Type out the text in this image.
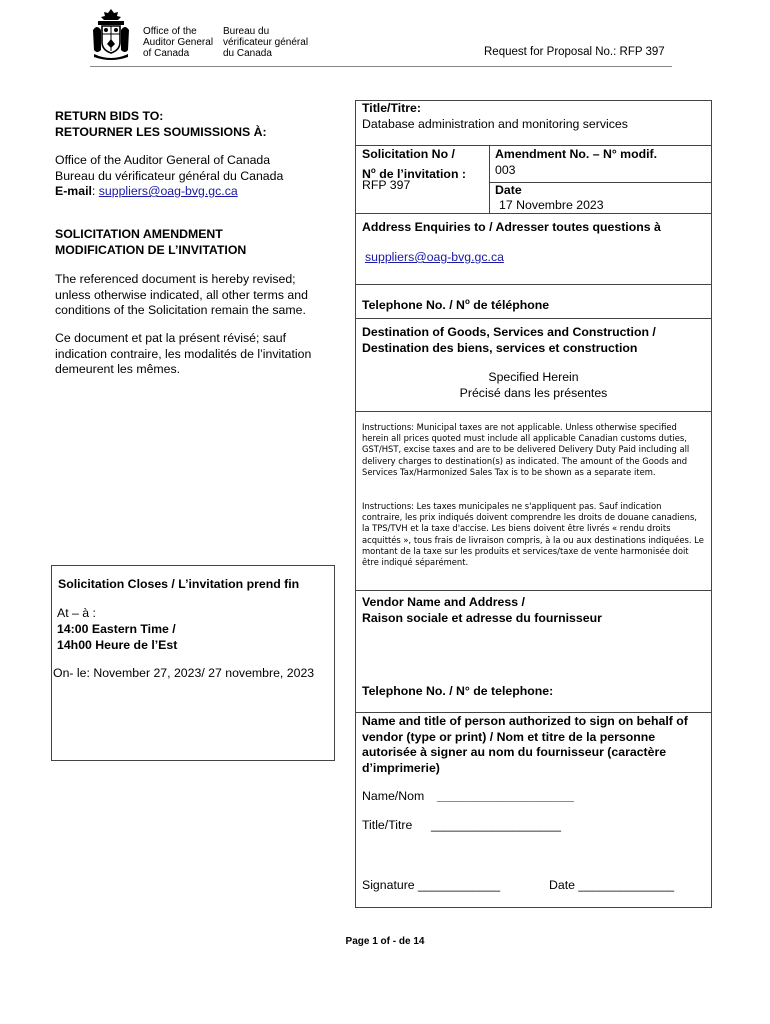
Office of the
Auditor General
of Canada
Bureau du
vérificateur général
du Canada	Request for Proposal No.: RFP 397
RETURN BIDS TO:
RETOURNER LES SOUMISSIONS À:
Office of the Auditor General of Canada
Bureau du vérificateur général du Canada
E-mail: suppliers@oag-bvg.gc.ca
SOLICITATION AMENDMENT
MODIFICATION DE L’INVITATION
The referenced document is hereby revised;
unless otherwise indicated, all other terms and
conditions of the Solicitation remain the same.
Ce document et pat la présent révisé; sauf
indication contraire, les modalités de l’invitation
demeurent les mêmes.
Solicitation Closes / L’invitation prend fin
At – à :
14:00 Eastern Time /
14h00 Heure de l’Est
On- le: November 27, 2023/ 27 novembre, 2023
Title/Titre:
Database administration and monitoring services
Solicitation No /
$N^o$ de l’invitation :
RFP 397
Amendment No. – N° modif.
003
Date
17 Novembre 2023
Address Enquiries to / Adresser toutes questions à
suppliers@oag-bvg.gc.ca
Telephone No. / $N^o$ de téléphone
Destination of Goods, Services and Construction /
Destination des biens, services et construction
Specified Herein
Précisé dans les présentes
Instructions: Municipal taxes are not applicable. Unless otherwise specified herein all prices quoted must include all applicable Canadian customs duties, GST/HST, excise taxes and are to be delivered Delivery Duty Paid including all delivery charges to destination(s) as indicated. The amount of the Goods and Services Tax/Harmonized Sales Tax is to be shown as a separate item.
Instructions: Les taxes municipales ne s'appliquent pas. Sauf indication contraire, les prix indiqués doivent comprendre les droits de douane canadiens, la TPS/TVH et la taxe d'accise. Les biens doivent être livrés « rendu droits acquittés », tous frais de livraison compris, à la ou aux destinations indiquées. Le montant de la taxe sur les produits et services/taxe de vente harmonisée doit être indiqué séparément.
Vendor Name and Address /
Raison sociale et adresse du fournisseur
Telephone No. / N° de telephone:
Name and title of person authorized to sign on behalf of
vendor (type or print) / Nom et titre de la personne
autorisée à signer au nom du fournisseur (caractère
d’imprimerie)
Name/Nom ____________________
Title/Titre ___________________
Signature ____________	Date ______________
Page 1 of - de 14
